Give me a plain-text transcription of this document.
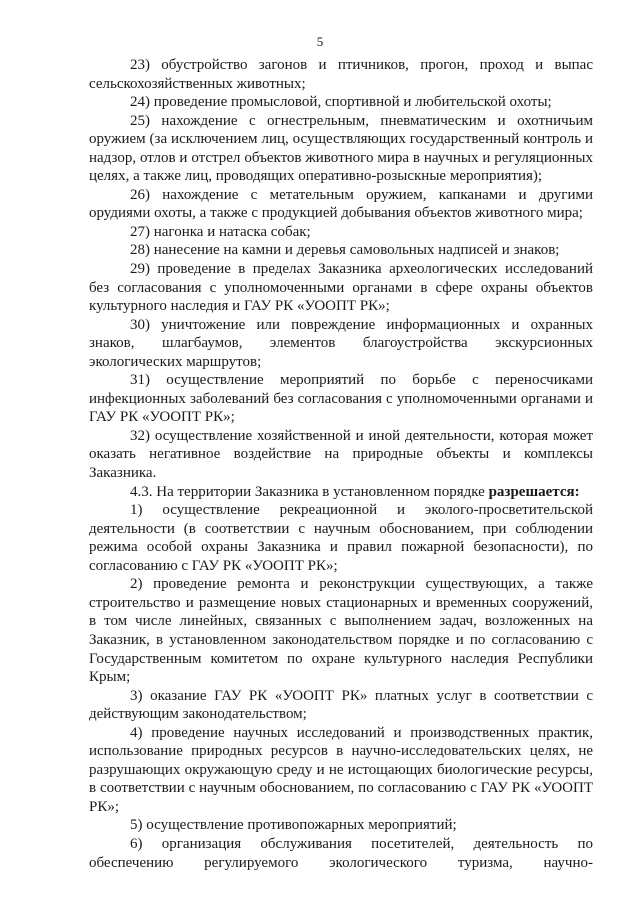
5

23) обустройство загонов и птичников, прогон, проход и выпас сельскохозяйственных животных;

24) проведение промысловой, спортивной и любительской охоты;

25) нахождение с огнестрельным, пневматическим и охотничьим оружием (за исключением лиц, осуществляющих государственный контроль и надзор, отлов и отстрел объектов животного мира в научных и регуляционных целях, а также лиц, проводящих оперативно-розыскные мероприятия);

26) нахождение с метательным оружием, капканами и другими орудиями охоты, а также с продукцией добывания объектов животного мира;

27) нагонка и натаска собак;

28) нанесение на камни и деревья самовольных надписей и знаков;

29) проведение в пределах Заказника археологических исследований без согласования с уполномоченными органами в сфере охраны объектов культурного наследия и ГАУ РК «УООПТ РК»;

30) уничтожение или повреждение информационных и охранных знаков, шлагбаумов, элементов благоустройства экскурсионных экологических маршрутов;

31) осуществление мероприятий по борьбе с переносчиками инфекционных заболеваний без согласования с уполномоченными органами и ГАУ РК «УООПТ РК»;

32) осуществление хозяйственной и иной деятельности, которая может оказать негативное воздействие на природные объекты и комплексы Заказника.

4.3. На территории Заказника в установленном порядке разрешается:

1) осуществление рекреационной и эколого-просветительской деятельности (в соответствии с научным обоснованием, при соблюдении режима особой охраны Заказника и правил пожарной безопасности), по согласованию с ГАУ РК «УООПТ РК»;

2) проведение ремонта и реконструкции существующих, а также строительство и размещение новых стационарных и временных сооружений, в том числе линейных, связанных с выполнением задач, возложенных на Заказник, в установленном законодательством порядке и по согласованию с Государственным комитетом по охране культурного наследия Республики Крым;

3) оказание ГАУ РК «УООПТ РК» платных услуг в соответствии с действующим законодательством;

4) проведение научных исследований и производственных практик, использование природных ресурсов в научно-исследовательских целях, не разрушающих окружающую среду и не истощающих биологические ресурсы, в соответствии с научным обоснованием, по согласованию с ГАУ РК «УООПТ РК»;

5) осуществление противопожарных мероприятий;

6) организация обслуживания посетителей, деятельность по обеспечению регулируемого экологического туризма, научно-
